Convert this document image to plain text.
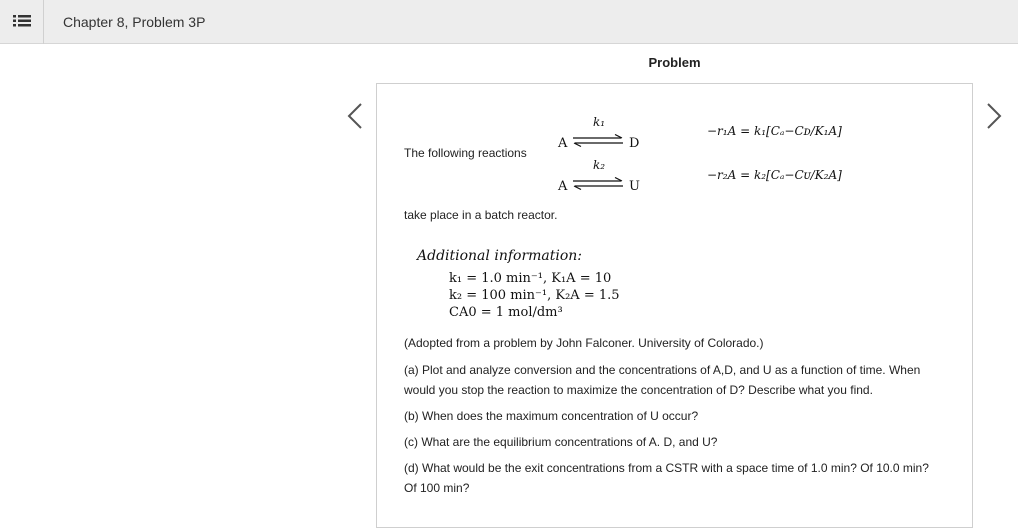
Chapter 8, Problem 3P
Problem
The following reactions
A
k₁
⇌ D
−r₁A = k₁[Cₐ−Cᴅ/K₁A]
A
k₂
⇌ U
−r₂A = k₂[Cₐ−Cᴜ/K₂A]
take place in a batch reactor.
Additional information:
k₁ = 1.0 min⁻¹, K₁A = 10
k₂ = 100 min⁻¹, K₂A = 1.5
CA0 = 1 mol/dm³
(Adopted from a problem by John Falconer. University of Colorado.)
(a) Plot and analyze conversion and the concentrations of A,D, and U as a function of time. When would you stop the reaction to maximize the concentration of D? Describe what you find.
(b) When does the maximum concentration of U occur?
(c) What are the equilibrium concentrations of A. D, and U?
(d) What would be the exit concentrations from a CSTR with a space time of 1.0 min? Of 10.0 min? Of 100 min?
